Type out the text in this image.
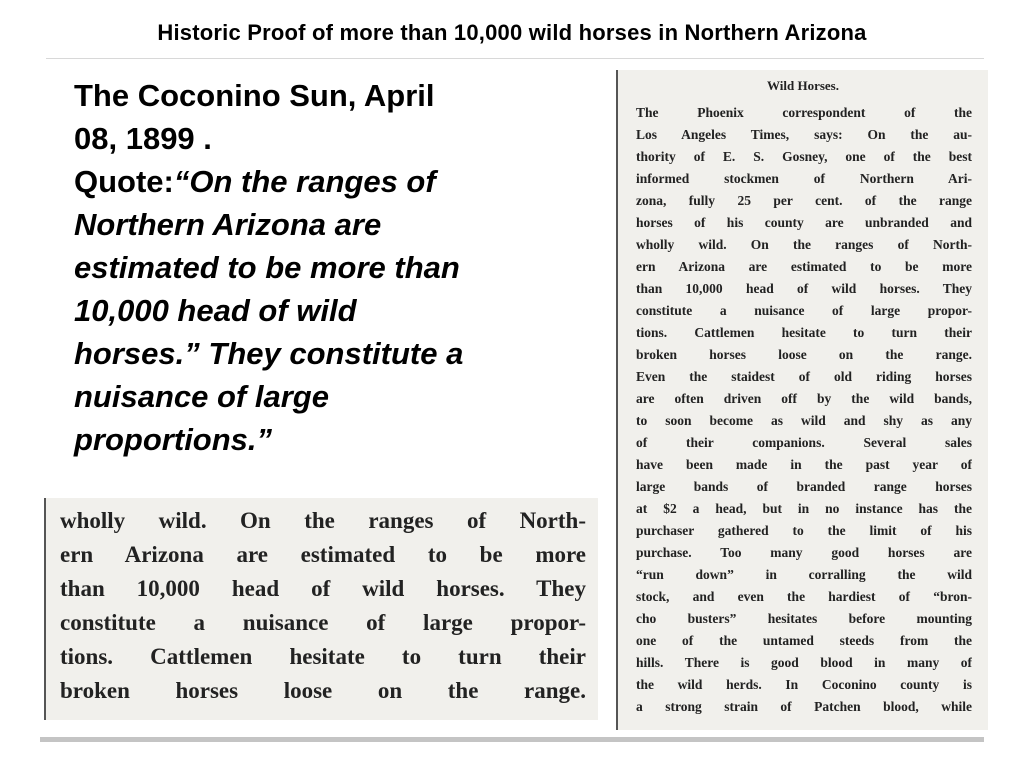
Historic Proof of more than 10,000 wild horses in Northern Arizona

The Coconino Sun, April

08, 1899 .

Quote:“On the ranges of

Northern Arizona are

estimated to be more than

10,000 head of wild

horses.” They constitute a

nuisance of large

proportions.”

wholly wild. On the ranges of North-
ern Arizona are estimated to be more
than 10,000 head of wild horses. They
constitute a nuisance of large propor-
tions. Cattlemen hesitate to turn their
broken horses loose on the range.
Wild Horses.
The Phoenix correspondent of the
Los Angeles Times, says: On the au-
thority of E. S. Gosney, one of the best
informed stockmen of Northern Ari-
zona, fully 25 per cent. of the range
horses of his county are unbranded and
wholly wild. On the ranges of North-
ern Arizona are estimated to be more
than 10,000 head of wild horses. They
constitute a nuisance of large propor-
tions. Cattlemen hesitate to turn their
broken horses loose on the range.
Even the staidest of old riding horses
are often driven off by the wild bands,
to soon become as wild and shy as any
of their companions. Several sales
have been made in the past year of
large bands of branded range horses
at $2 a head, but in no instance has the
purchaser gathered to the limit of his
purchase. Too many good horses are
“run down” in corralling the wild
stock, and even the hardiest of “bron-
cho busters” hesitates before mounting
one of the untamed steeds from the
hills. There is good blood in many of
the wild herds. In Coconino county is
a strong strain of Patchen blood, while
